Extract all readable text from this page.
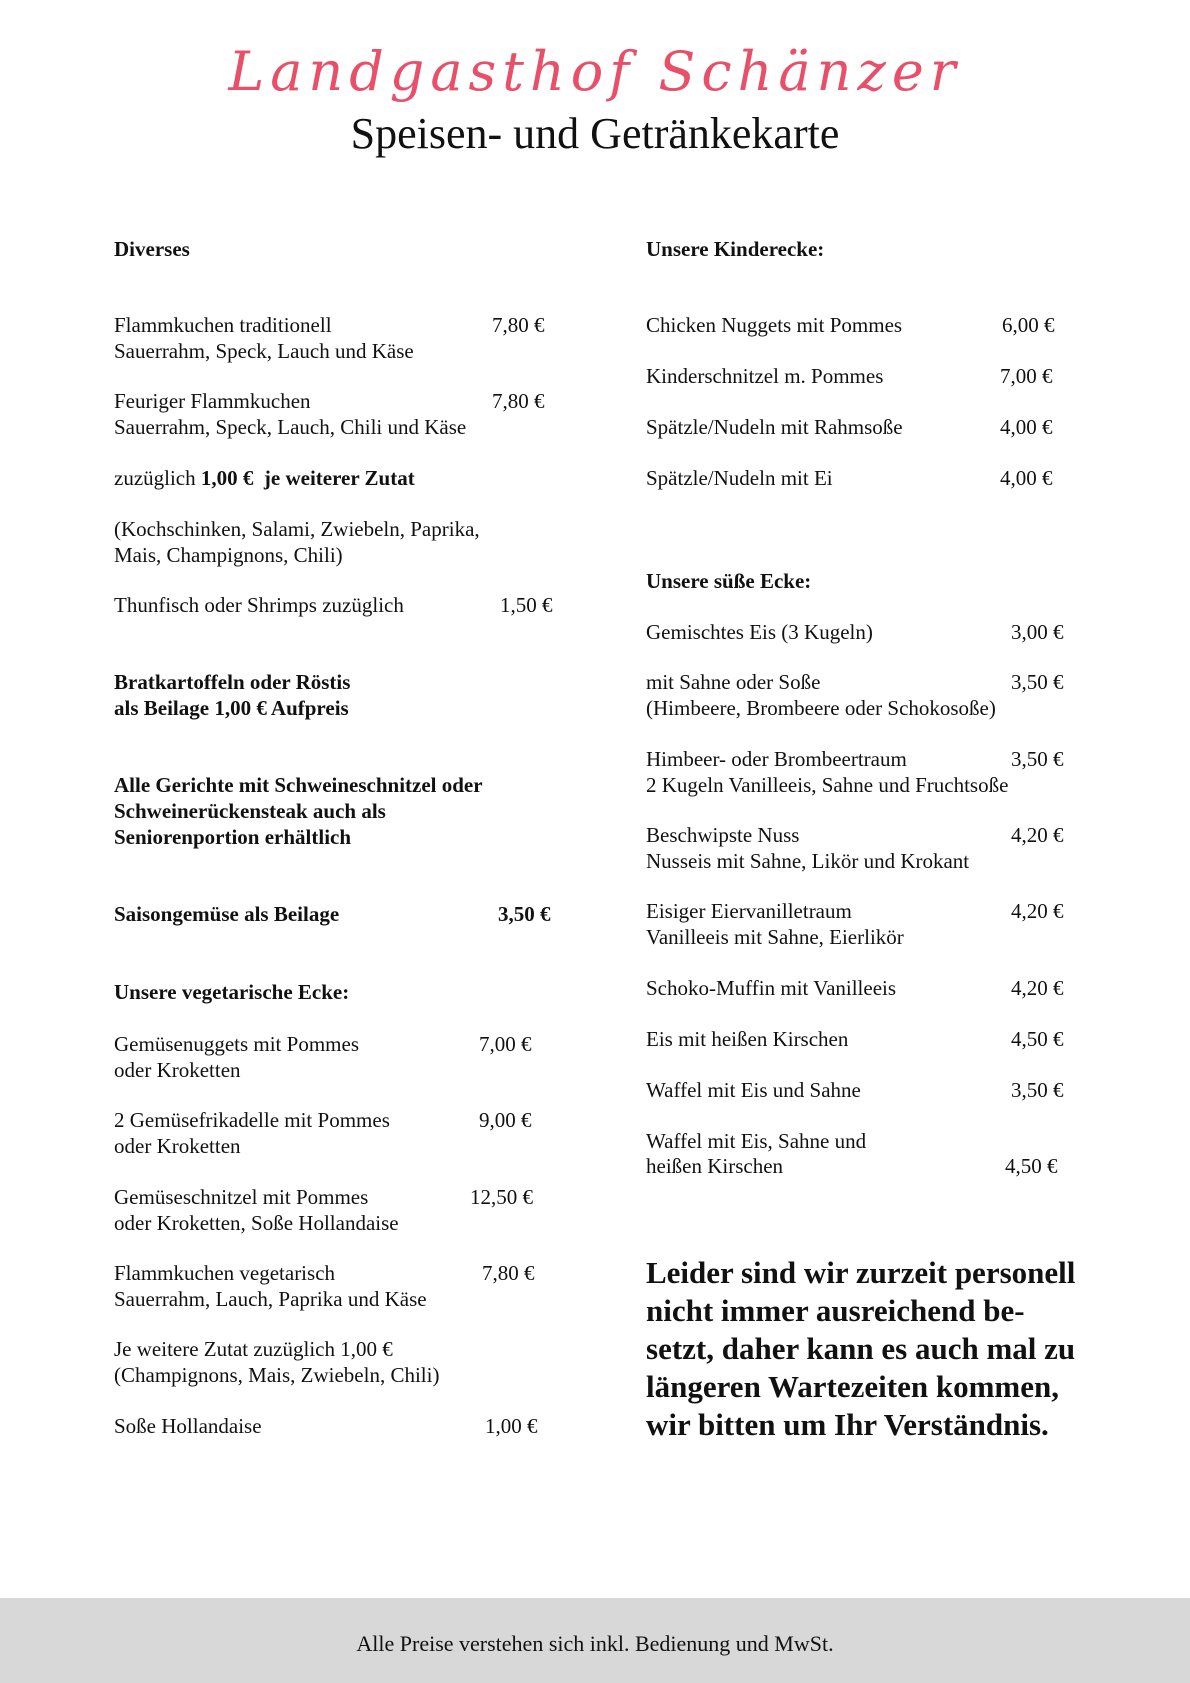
Landgasthof Schänzer
Speisen- und Getränkekarte
Diverses
Flammkuchen traditionell	7,80 €
Sauerrahm, Speck, Lauch und Käse
Feuriger Flammkuchen	7,80 €
Sauerrahm, Speck, Lauch, Chili und Käse
zuzüglich 1,00 € je weiterer Zutat
(Kochschinken, Salami, Zwiebeln, Paprika,
Mais, Champignons, Chili)
Thunfisch oder Shrimps zuzüglich	1,50 €
Bratkartoffeln oder Röstis
als Beilage 1,00 € Aufpreis
Alle Gerichte mit Schweineschnitzel oder
Schweinerückensteak auch als
Seniorenportion erhältlich
Saisongemüse als Beilage	3,50 €
Unsere vegetarische Ecke:
Gemüsenuggets mit Pommes	7,00 €
oder Kroketten
2 Gemüsefrikadelle mit Pommes	9,00 €
oder Kroketten
Gemüseschnitzel mit Pommes	12,50 €
oder Kroketten, Soße Hollandaise
Flammkuchen vegetarisch	7,80 €
Sauerrahm, Lauch, Paprika und Käse
Je weitere Zutat zuzüglich 1,00 €
(Champignons, Mais, Zwiebeln, Chili)
Soße Hollandaise	1,00 €
Unsere Kinderecke:
Chicken Nuggets mit Pommes	6,00 €
Kinderschnitzel m. Pommes	7,00 €
Spätzle/Nudeln mit Rahmsoße	4,00 €
Spätzle/Nudeln mit Ei	4,00 €
Unsere süße Ecke:
Gemischtes Eis (3 Kugeln)	3,00 €
mit Sahne oder Soße	3,50 €
(Himbeere, Brombeere oder Schokosoße)
Himbeer- oder Brombeertraum	3,50 €
2 Kugeln Vanilleeis, Sahne und Fruchtsoße
Beschwipste Nuss	4,20 €
Nusseis mit Sahne, Likör und Krokant
Eisiger Eiervanilletraum	4,20 €
Vanilleeis mit Sahne, Eierlikör
Schoko-Muffin mit Vanilleeis	4,20 €
Eis mit heißen Kirschen	4,50 €
Waffel mit Eis und Sahne	3,50 €
Waffel mit Eis, Sahne und
heißen Kirschen	4,50 €
Leider sind wir zurzeit personell
nicht immer ausreichend be-
setzt, daher kann es auch mal zu
längeren Wartezeiten kommen,
wir bitten um Ihr Verständnis.
Alle Preise verstehen sich inkl. Bedienung und MwSt.
